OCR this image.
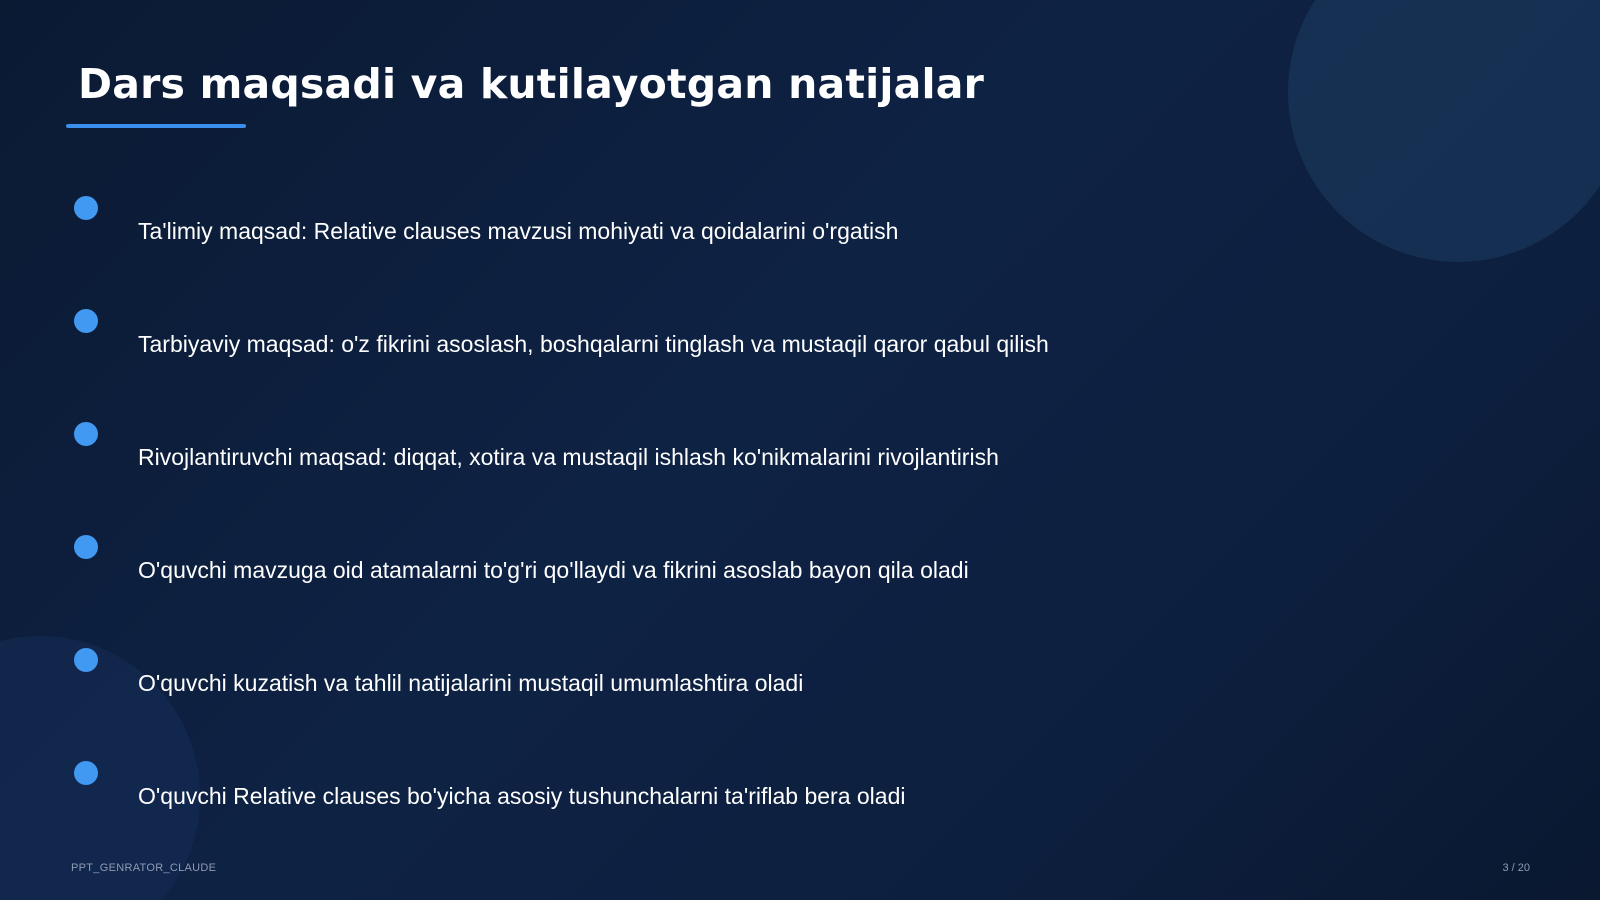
Dars maqsadi va kutilayotgan natijalar
Ta'limiy maqsad: Relative clauses mavzusi mohiyati va qoidalarini o'rgatish
Tarbiyaviy maqsad: o'z fikrini asoslash, boshqalarni tinglash va mustaqil qaror qabul qilish
Rivojlantiruvchi maqsad: diqqat, xotira va mustaqil ishlash ko'nikmalarini rivojlantirish
O'quvchi mavzuga oid atamalarni to'g'ri qo'llaydi va fikrini asoslab bayon qila oladi
O'quvchi kuzatish va tahlil natijalarini mustaqil umumlashtira oladi
O'quvchi Relative clauses bo'yicha asosiy tushunchalarni ta'riflab bera oladi
PPT_GENRATOR_CLAUDE	3 / 20
